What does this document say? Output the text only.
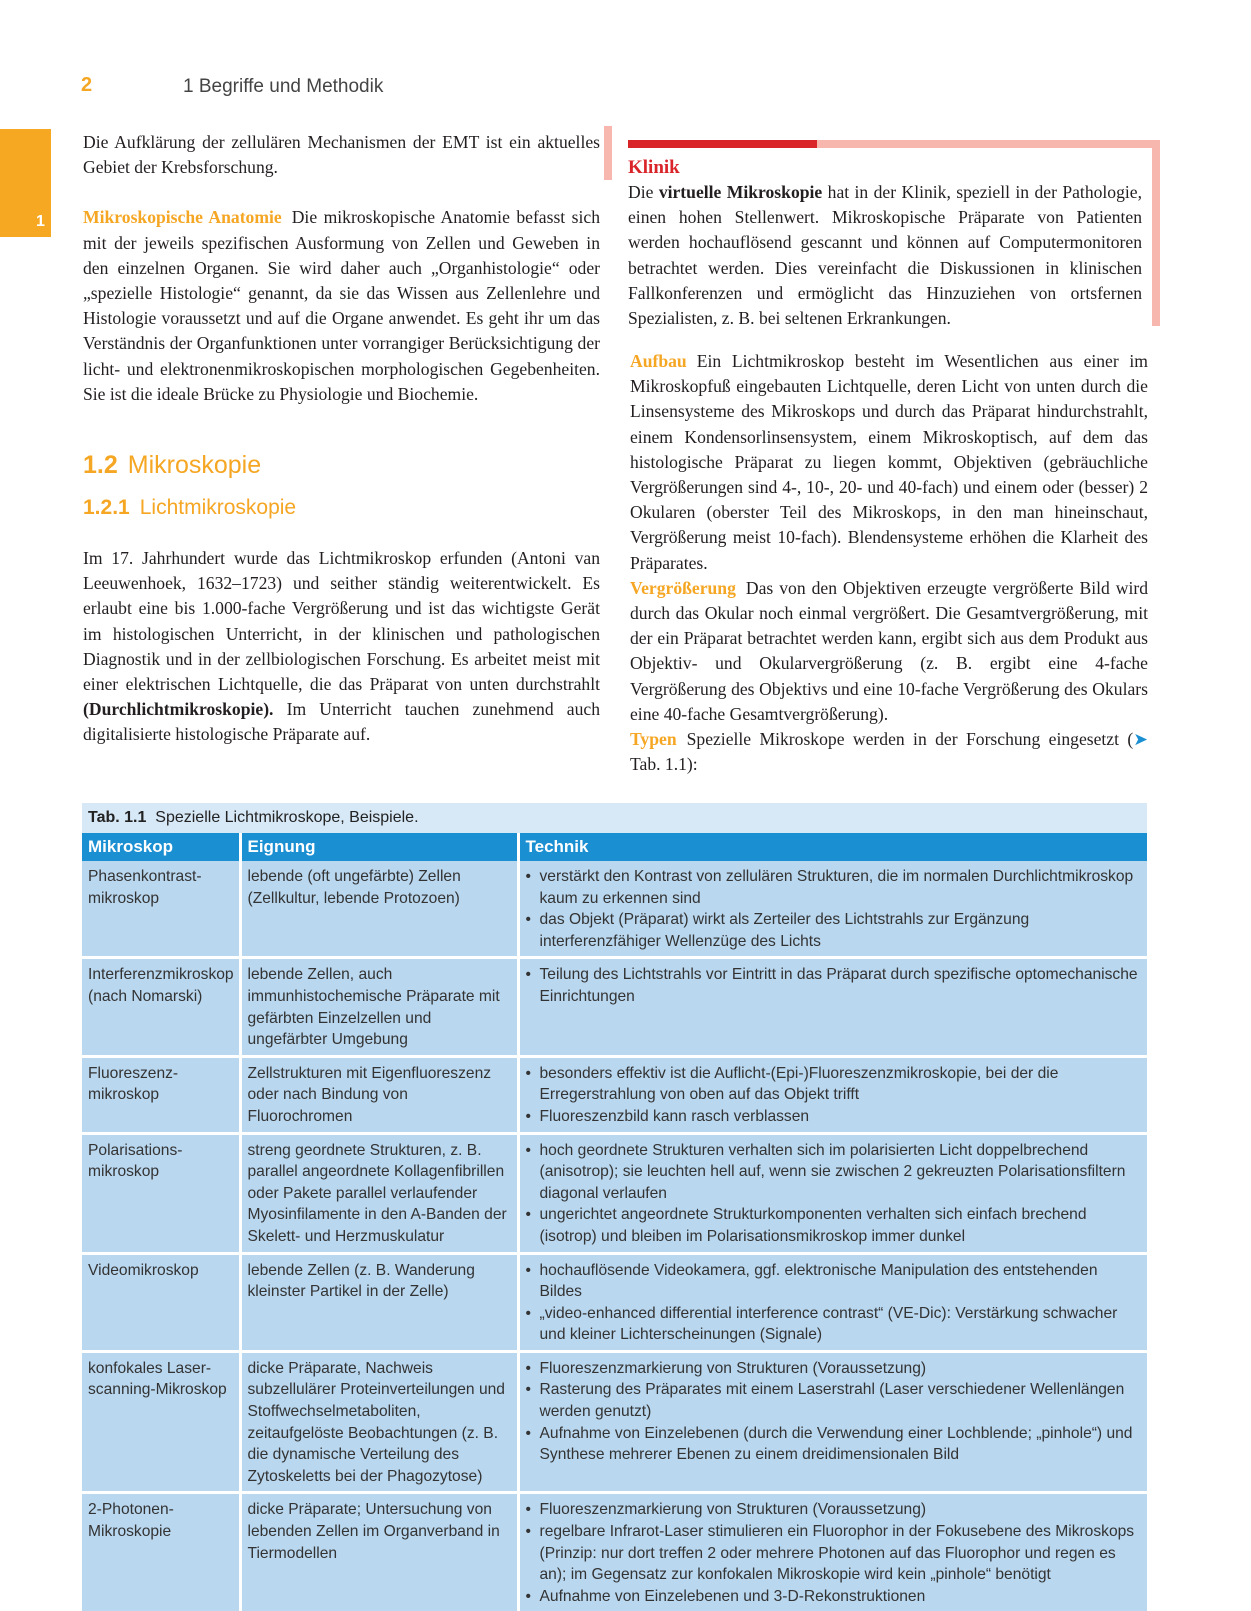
2	1 Begriffe und Methodik
1

Die Aufklärung der zellulären Mechanismen der EMT ist ein aktuelles Gebiet der Krebsforschung.

Mikroskopische Anatomie Die mikroskopische Anatomie befasst sich mit der jeweils spezifischen Ausformung von Zellen und Geweben in den einzelnen Organen. Sie wird daher auch „Organhistologie“ oder „spezielle Histologie“ genannt, da sie das Wissen aus Zellenlehre und Histologie voraussetzt und auf die Organe anwendet. Es geht ihr um das Verständnis der Organfunktionen unter vorrangiger Berücksichtigung der licht- und elektronenmikroskopischen morphologischen Gegebenheiten. Sie ist die ideale Brücke zu Physiologie und Biochemie.

1.2 Mikroskopie
1.2.1 Lichtmikroskopie

Im 17. Jahrhundert wurde das Lichtmikroskop erfunden (Antoni van Leeuwenhoek, 1632–1723) und seither ständig weiterentwickelt. Es erlaubt eine bis 1.000-fache Vergrößerung und ist das wichtigste Gerät im histologischen Unterricht, in der klinischen und pathologischen Diagnostik und in der zellbiologischen Forschung. Es arbeitet meist mit einer elektrischen Lichtquelle, die das Präparat von unten durchstrahlt (Durchlichtmikroskopie). Im Unterricht tauchen zunehmend auch digitalisierte histologische Präparate auf.

Klinik

Die virtuelle Mikroskopie hat in der Klinik, speziell in der Pathologie, einen hohen Stellenwert. Mikroskopische Präparate von Patienten werden hochauflösend gescannt und können auf Computermonitoren betrachtet werden. Dies vereinfacht die Diskussionen in klinischen Fallkonferenzen und ermöglicht das Hinzuziehen von ortsfernen Spezialisten, z. B. bei seltenen Erkrankungen.

Aufbau Ein Lichtmikroskop besteht im Wesentlichen aus einer im Mikroskopfuß eingebauten Lichtquelle, deren Licht von unten durch die Linsensysteme des Mikroskops und durch das Präparat hindurchstrahlt, einem Kondensorlinsensystem, einem Mikroskoptisch, auf dem das histologische Präparat zu liegen kommt, Objektiven (gebräuchliche Vergrößerungen sind 4-, 10-, 20- und 40-fach) und einem oder (besser) 2 Okularen (oberster Teil des Mikroskops, in den man hineinschaut, Vergrößerung meist 10-fach). Blendensysteme erhöhen die Klarheit des Präparates.

Vergrößerung Das von den Objektiven erzeugte vergrößerte Bild wird durch das Okular noch einmal vergrößert. Die Gesamtvergrößerung, mit der ein Präparat betrachtet werden kann, ergibt sich aus dem Produkt aus Objektiv- und Okularvergrößerung (z. B. ergibt eine 4-fache Vergrößerung des Objektivs und eine 10-fache Vergrößerung des Okulars eine 40-fache Gesamtvergrößerung).

Typen Spezielle Mikroskope werden in der Forschung eingesetzt (➤ Tab. 1.1):

Tab. 1.1 Spezielle Lichtmikroskope, Beispiele.
Mikroskop	Eignung	Technik
Phasenkontrast-mikroskop	lebende (oft ungefärbte) Zellen (Zellkultur, lebende Protozoen)	• verstärkt den Kontrast von zellulären Strukturen, die im normalen Durchlichtmikroskop kaum zu erkennen sind
• das Objekt (Präparat) wirkt als Zerteiler des Lichtstrahls zur Ergänzung interferenzfähiger Wellenzüge des Lichts

Interferenzmikroskop (nach Nomarski)	lebende Zellen, auch immunhistochemische Präparate mit gefärbten Einzelzellen und ungefärbter Umgebung	• Teilung des Lichtstrahls vor Eintritt in das Präparat durch spezifische optomechanische Einrichtungen

Fluoreszenz-mikroskop	Zellstrukturen mit Eigenfluoreszenz oder nach Bindung von Fluorochromen	• besonders effektiv ist die Auflicht-(Epi-)Fluoreszenzmikroskopie, bei der die Erregerstrahlung von oben auf das Objekt trifft
• Fluoreszenzbild kann rasch verblassen

Polarisations-mikroskop	streng geordnete Strukturen, z. B. parallel angeordnete Kollagenfibrillen oder Pakete parallel verlaufender Myosinfilamente in den A-Banden der Skelett- und Herzmuskulatur	• hoch geordnete Strukturen verhalten sich im polarisierten Licht doppelbrechend (anisotrop); sie leuchten hell auf, wenn sie zwischen 2 gekreuzten Polarisationsfiltern diagonal verlaufen
• ungerichtet angeordnete Strukturkomponenten verhalten sich einfach brechend (isotrop) und bleiben im Polarisationsmikroskop immer dunkel

Videomikroskop	lebende Zellen (z. B. Wanderung kleinster Partikel in der Zelle)	• hochauflösende Videokamera, ggf. elektronische Manipulation des entstehenden Bildes
• „video-enhanced differential interference contrast“ (VE-Dic): Verstärkung schwacher und kleiner Lichterscheinungen (Signale)

konfokales Laser-scanning-Mikroskop	dicke Präparate, Nachweis subzellulärer Proteinverteilungen und Stoffwechselmetaboliten, zeitaufgelöste Beobachtungen (z. B. die dynamische Verteilung des Zytoskeletts bei der Phagozytose)	• Fluoreszenzmarkierung von Strukturen (Voraussetzung)
• Rasterung des Präparates mit einem Laserstrahl (Laser verschiedener Wellenlängen werden genutzt)
• Aufnahme von Einzelebenen (durch die Verwendung einer Lochblende; „pinhole“) und Synthese mehrerer Ebenen zu einem dreidimensionalen Bild

2-Photonen-Mikroskopie	dicke Präparate; Untersuchung von lebenden Zellen im Organverband in Tiermodellen	• Fluoreszenzmarkierung von Strukturen (Voraussetzung)
• regelbare Infrarot-Laser stimulieren ein Fluorophor in der Fokusebene des Mikroskops (Prinzip: nur dort treffen 2 oder mehrere Photonen auf das Fluorophor und regen es an); im Gegensatz zur konfokalen Mikroskopie wird kein „pinhole“ benötigt
• Aufnahme von Einzelebenen und 3-D-Rekonstruktionen
